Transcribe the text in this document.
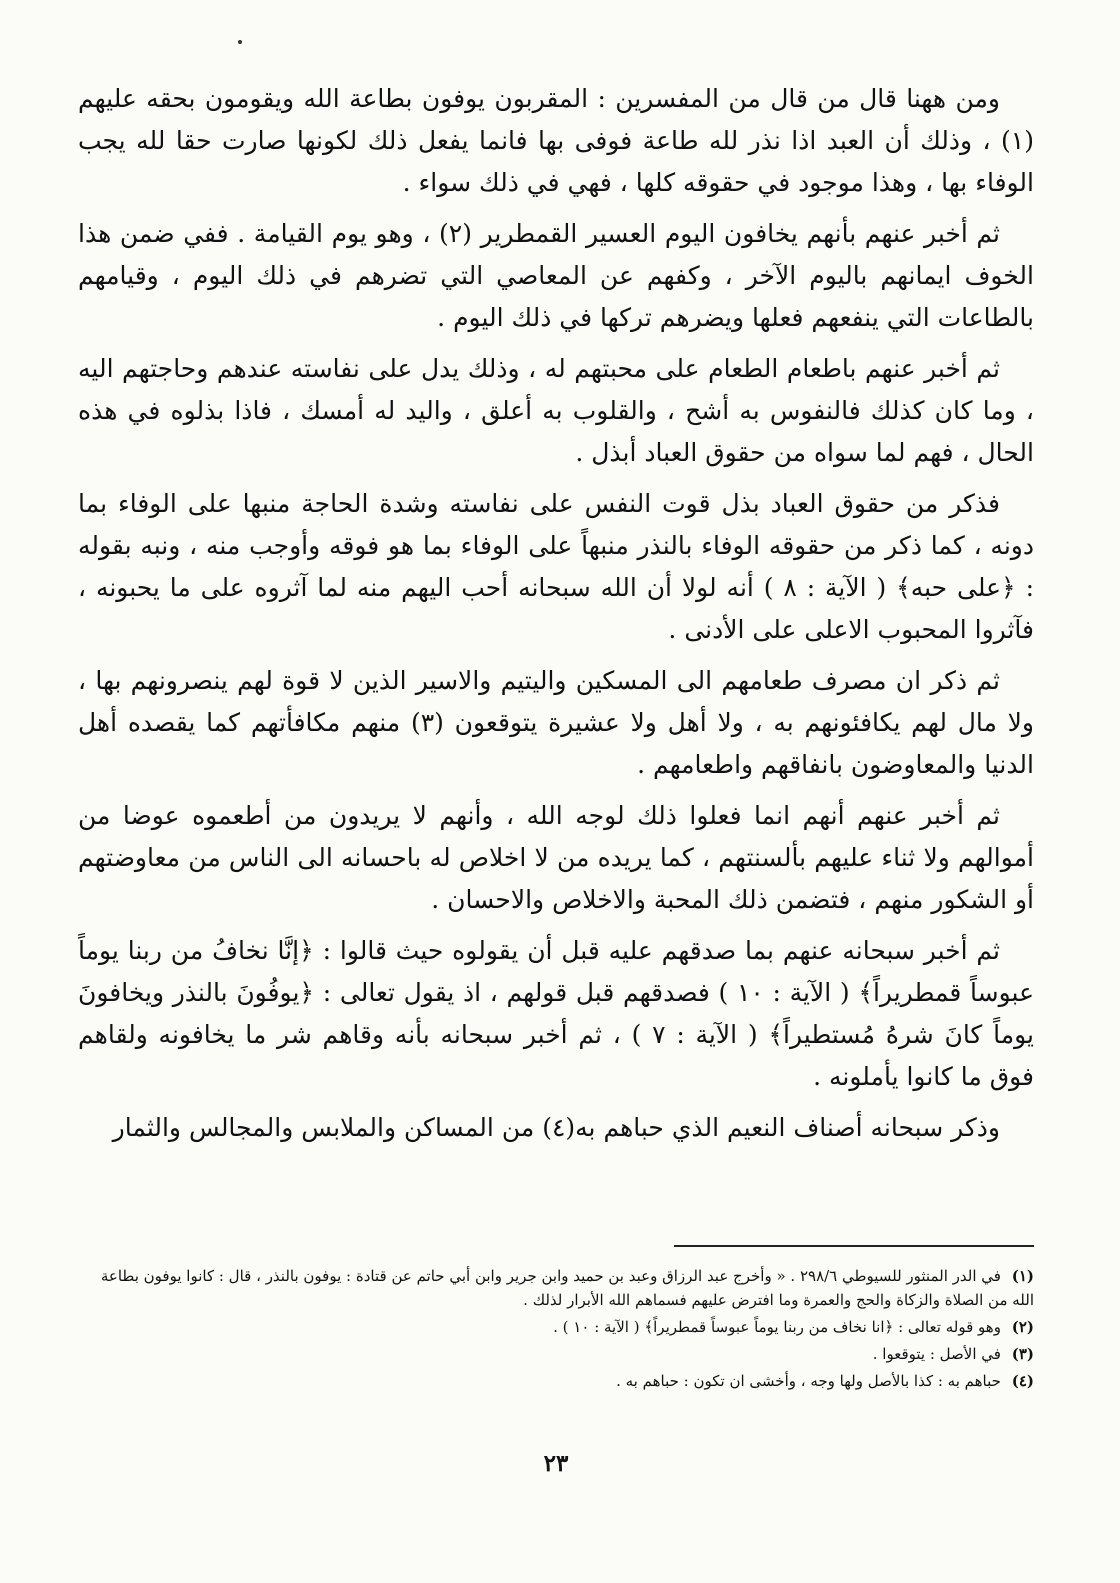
ومن ههنا قال من قال من المفسرين : المقربون يوفون بطاعة الله ويقومون بحقه عليهم (١) ، وذلك أن العبد اذا نذر لله طاعة فوفى بها فانما يفعل ذلك لكونها صارت حقا لله يجب الوفاء بها ، وهذا موجود في حقوقه كلها ، فهي في ذلك سواء .

ثم أخبر عنهم بأنهم يخافون اليوم العسير القمطرير (٢) ، وهو يوم القيامة . ففي ضمن هذا الخوف ايمانهم باليوم الآخر ، وكفهم عن المعاصي التي تضرهم في ذلك اليوم ، وقيامهم بالطاعات التي ينفعهم فعلها ويضرهم تركها في ذلك اليوم .

ثم أخبر عنهم باطعام الطعام على محبتهم له ، وذلك يدل على نفاسته عندهم وحاجتهم اليه ، وما كان كذلك فالنفوس به أشح ، والقلوب به أعلق ، واليد له أمسك ، فاذا بذلوه في هذه الحال ، فهم لما سواه من حقوق العباد أبذل .

فذكر من حقوق العباد بذل قوت النفس على نفاسته وشدة الحاجة منبها على الوفاء بما دونه ، كما ذكر من حقوقه الوفاء بالنذر منبهاً على الوفاء بما هو فوقه وأوجب منه ، ونبه بقوله : ﴿على حبه﴾ ( الآية : ٨ ) أنه لولا أن الله سبحانه أحب اليهم منه لما آثروه على ما يحبونه ، فآثروا المحبوب الاعلى على الأدنى .

ثم ذكر ان مصرف طعامهم الى المسكين واليتيم والاسير الذين لا قوة لهم ينصرونهم بها ، ولا مال لهم يكافئونهم به ، ولا أهل ولا عشيرة يتوقعون (٣) منهم مكافأتهم كما يقصده أهل الدنيا والمعاوضون بانفاقهم واطعامهم .

ثم أخبر عنهم أنهم انما فعلوا ذلك لوجه الله ، وأنهم لا يريدون من أطعموه عوضا من أموالهم ولا ثناء عليهم بألسنتهم ، كما يريده من لا اخلاص له باحسانه الى الناس من معاوضتهم أو الشكور منهم ، فتضمن ذلك المحبة والاخلاص والاحسان .

ثم أخبر سبحانه عنهم بما صدقهم عليه قبل أن يقولوه حيث قالوا : ﴿إنَّا نخافُ من ربنا يوماً عبوساً قمطريراً﴾ ( الآية : ١٠ ) فصدقهم قبل قولهم ، اذ يقول تعالى : ﴿يوفُونَ بالنذر ويخافونَ يوماً كانَ شرهُ مُستطيراً﴾ ( الآية : ٧ ) ، ثم أخبر سبحانه بأنه وقاهم شر ما يخافونه ولقاهم فوق ما كانوا يأملونه .

وذكر سبحانه أصناف النعيم الذي حباهم به(٤) من المساكن والملابس والمجالس والثمار

(١) في الدر المنثور للسيوطي ٢٩٨/٦ . « وأخرج عبد الرزاق وعبد بن حميد وابن جرير وابن أبي حاتم عن قتادة : يوفون بالنذر ، قال : كانوا يوفون بطاعة الله من الصلاة والزكاة والحج والعمرة وما افترض عليهم فسماهم الله الأبرار لذلك .

(٢) وهو قوله تعالى : ﴿انا نخاف من ربنا يوماً عبوساً قمطريراً﴾ ( الآية : ١٠ ) .

(٣) في الأصل : يتوقعوا .

(٤) حباهم به : كذا بالأصل ولها وجه ، وأخشى ان تكون : حباهم به .

٢٣
